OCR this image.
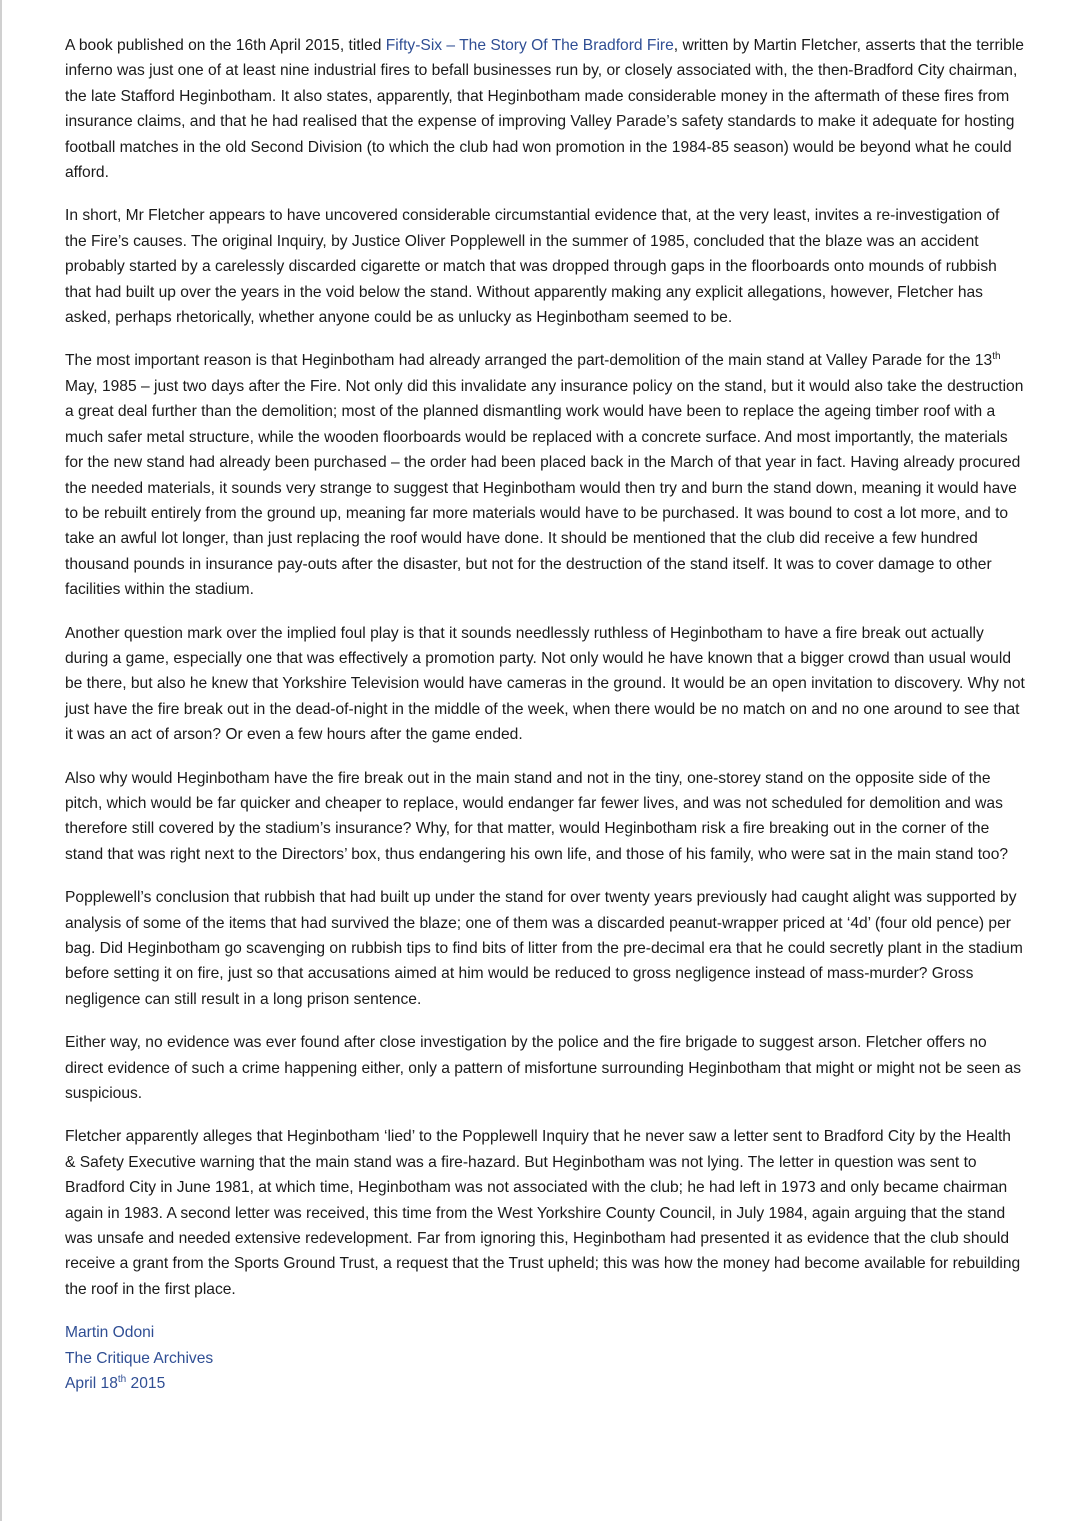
A book published on the 16th April 2015, titled Fifty-Six – The Story Of The Bradford Fire, written by Martin Fletcher, asserts that the terrible inferno was just one of at least nine industrial fires to befall businesses run by, or closely associated with, the then-Bradford City chairman, the late Stafford Heginbotham. It also states, apparently, that Heginbotham made considerable money in the aftermath of these fires from insurance claims, and that he had realised that the expense of improving Valley Parade’s safety standards to make it adequate for hosting football matches in the old Second Division (to which the club had won promotion in the 1984-85 season) would be beyond what he could afford.

In short, Mr Fletcher appears to have uncovered considerable circumstantial evidence that, at the very least, invites a re-investigation of the Fire’s causes. The original Inquiry, by Justice Oliver Popplewell in the summer of 1985, concluded that the blaze was an accident probably started by a carelessly discarded cigarette or match that was dropped through gaps in the floorboards onto mounds of rubbish that had built up over the years in the void below the stand. Without apparently making any explicit allegations, however, Fletcher has asked, perhaps rhetorically, whether anyone could be as unlucky as Heginbotham seemed to be.

The most important reason is that Heginbotham had already arranged the part-demolition of the main stand at Valley Parade for the 13th May, 1985 – just two days after the Fire. Not only did this invalidate any insurance policy on the stand, but it would also take the destruction a great deal further than the demolition; most of the planned dismantling work would have been to replace the ageing timber roof with a much safer metal structure, while the wooden floorboards would be replaced with a concrete surface. And most importantly, the materials for the new stand had already been purchased – the order had been placed back in the March of that year in fact. Having already procured the needed materials, it sounds very strange to suggest that Heginbotham would then try and burn the stand down, meaning it would have to be rebuilt entirely from the ground up, meaning far more materials would have to be purchased. It was bound to cost a lot more, and to take an awful lot longer, than just replacing the roof would have done. It should be mentioned that the club did receive a few hundred thousand pounds in insurance pay-outs after the disaster, but not for the destruction of the stand itself. It was to cover damage to other facilities within the stadium.

Another question mark over the implied foul play is that it sounds needlessly ruthless of Heginbotham to have a fire break out actually during a game, especially one that was effectively a promotion party. Not only would he have known that a bigger crowd than usual would be there, but also he knew that Yorkshire Television would have cameras in the ground. It would be an open invitation to discovery. Why not just have the fire break out in the dead-of-night in the middle of the week, when there would be no match on and no one around to see that it was an act of arson? Or even a few hours after the game ended.

Also why would Heginbotham have the fire break out in the main stand and not in the tiny, one-storey stand on the opposite side of the pitch, which would be far quicker and cheaper to replace, would endanger far fewer lives, and was not scheduled for demolition and was therefore still covered by the stadium’s insurance? Why, for that matter, would Heginbotham risk a fire breaking out in the corner of the stand that was right next to the Directors’ box, thus endangering his own life, and those of his family, who were sat in the main stand too?

Popplewell’s conclusion that rubbish that had built up under the stand for over twenty years previously had caught alight was supported by analysis of some of the items that had survived the blaze; one of them was a discarded peanut-wrapper priced at ‘4d’ (four old pence) per bag. Did Heginbotham go scavenging on rubbish tips to find bits of litter from the pre-decimal era that he could secretly plant in the stadium before setting it on fire, just so that accusations aimed at him would be reduced to gross negligence instead of mass-murder? Gross negligence can still result in a long prison sentence.

Either way, no evidence was ever found after close investigation by the police and the fire brigade to suggest arson. Fletcher offers no direct evidence of such a crime happening either, only a pattern of misfortune surrounding Heginbotham that might or might not be seen as suspicious.

Fletcher apparently alleges that Heginbotham ‘lied’ to the Popplewell Inquiry that he never saw a letter sent to Bradford City by the Health & Safety Executive warning that the main stand was a fire-hazard. But Heginbotham was not lying. The letter in question was sent to Bradford City in June 1981, at which time, Heginbotham was not associated with the club; he had left in 1973 and only became chairman again in 1983. A second letter was received, this time from the West Yorkshire County Council, in July 1984, again arguing that the stand was unsafe and needed extensive redevelopment. Far from ignoring this, Heginbotham had presented it as evidence that the club should receive a grant from the Sports Ground Trust, a request that the Trust upheld; this was how the money had become available for rebuilding the roof in the first place.

Martin Odoni

The Critique Archives

April 18th 2015
